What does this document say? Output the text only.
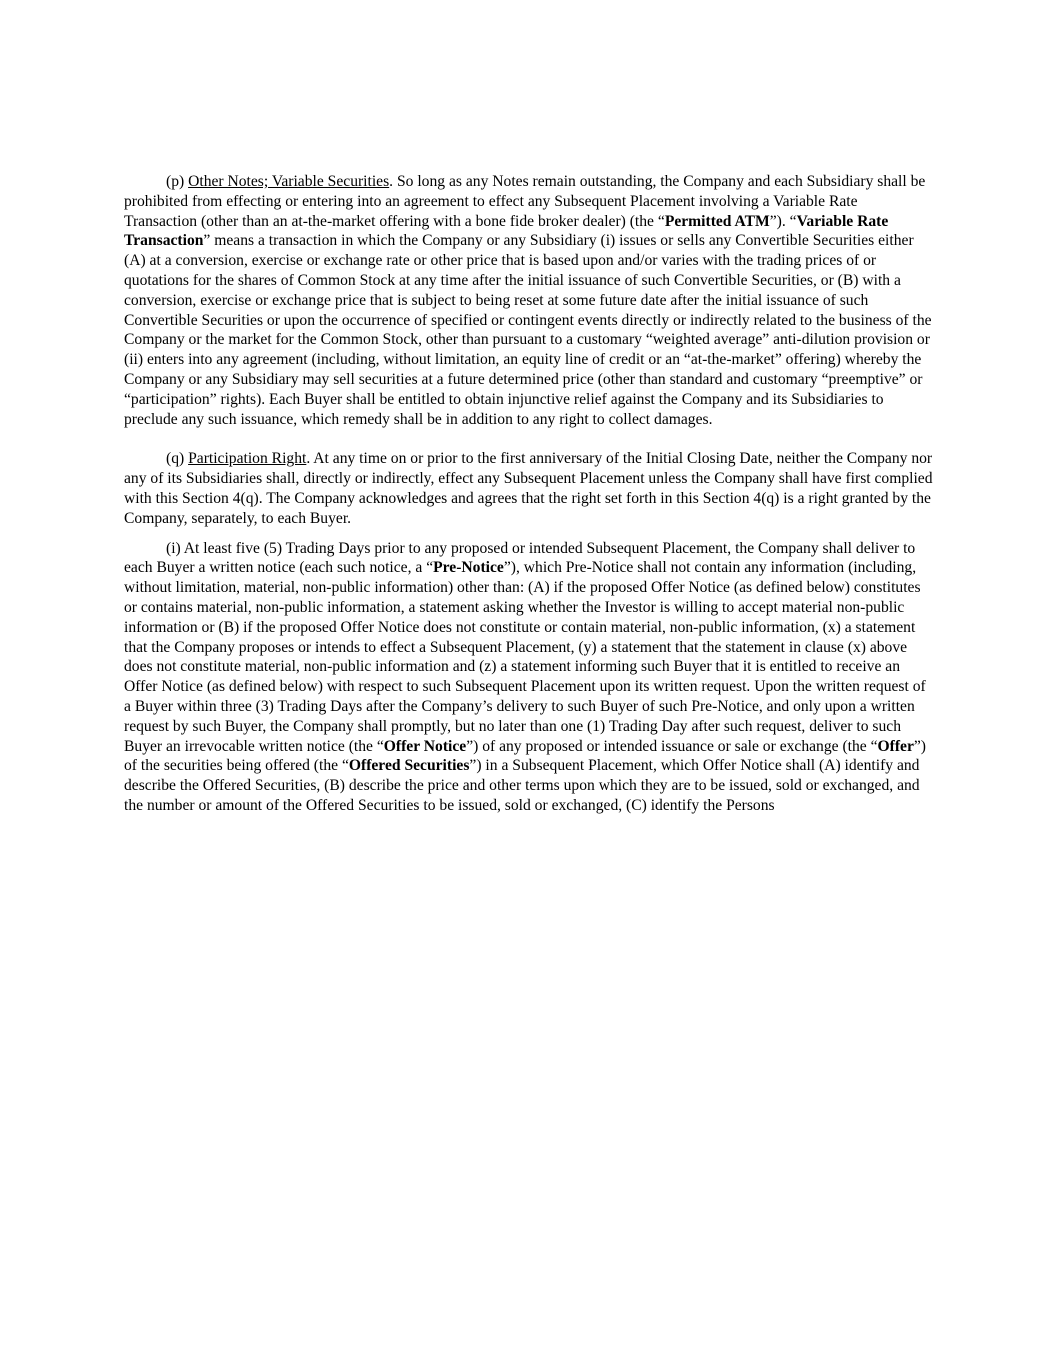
(p) Other Notes; Variable Securities. So long as any Notes remain outstanding, the Company and each Subsidiary shall be prohibited from effecting or entering into an agreement to effect any Subsequent Placement involving a Variable Rate Transaction (other than an at-the-market offering with a bone fide broker dealer) (the “Permitted ATM”). “Variable Rate Transaction” means a transaction in which the Company or any Subsidiary (i) issues or sells any Convertible Securities either (A) at a conversion, exercise or exchange rate or other price that is based upon and/or varies with the trading prices of or quotations for the shares of Common Stock at any time after the initial issuance of such Convertible Securities, or (B) with a conversion, exercise or exchange price that is subject to being reset at some future date after the initial issuance of such Convertible Securities or upon the occurrence of specified or contingent events directly or indirectly related to the business of the Company or the market for the Common Stock, other than pursuant to a customary “weighted average” anti-dilution provision or (ii) enters into any agreement (including, without limitation, an equity line of credit or an “at-the-market” offering) whereby the Company or any Subsidiary may sell securities at a future determined price (other than standard and customary “preemptive” or “participation” rights). Each Buyer shall be entitled to obtain injunctive relief against the Company and its Subsidiaries to preclude any such issuance, which remedy shall be in addition to any right to collect damages.

(q) Participation Right. At any time on or prior to the first anniversary of the Initial Closing Date, neither the Company nor any of its Subsidiaries shall, directly or indirectly, effect any Subsequent Placement unless the Company shall have first complied with this Section 4(q). The Company acknowledges and agrees that the right set forth in this Section 4(q) is a right granted by the Company, separately, to each Buyer.

(i) At least five (5) Trading Days prior to any proposed or intended Subsequent Placement, the Company shall deliver to each Buyer a written notice (each such notice, a “Pre-Notice”), which Pre-Notice shall not contain any information (including, without limitation, material, non-public information) other than: (A) if the proposed Offer Notice (as defined below) constitutes or contains material, non-public information, a statement asking whether the Investor is willing to accept material non-public information or (B) if the proposed Offer Notice does not constitute or contain material, non-public information, (x) a statement that the Company proposes or intends to effect a Subsequent Placement, (y) a statement that the statement in clause (x) above does not constitute material, non-public information and (z) a statement informing such Buyer that it is entitled to receive an Offer Notice (as defined below) with respect to such Subsequent Placement upon its written request. Upon the written request of a Buyer within three (3) Trading Days after the Company’s delivery to such Buyer of such Pre-Notice, and only upon a written request by such Buyer, the Company shall promptly, but no later than one (1) Trading Day after such request, deliver to such Buyer an irrevocable written notice (the “Offer Notice”) of any proposed or intended issuance or sale or exchange (the “Offer”) of the securities being offered (the “Offered Securities”) in a Subsequent Placement, which Offer Notice shall (A) identify and describe the Offered Securities, (B) describe the price and other terms upon which they are to be issued, sold or exchanged, and the number or amount of the Offered Securities to be issued, sold or exchanged, (C) identify the Persons
